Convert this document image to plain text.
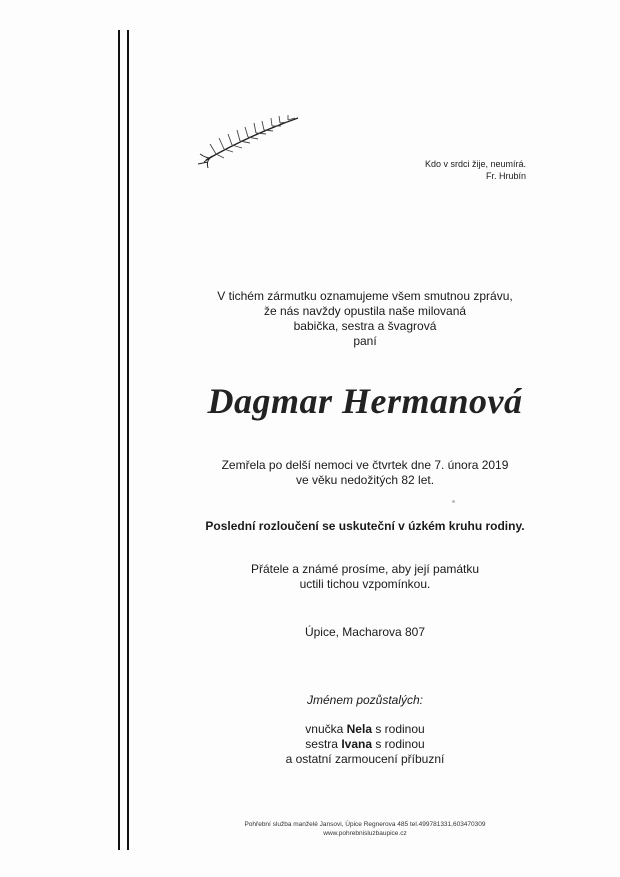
Kdo v srdci žije, neumírá.
Fr. Hrubín
V tichém zármutku oznamujeme všem smutnou zprávu,
že nás navždy opustila naše milovaná
babička, sestra a švagrová
paní
Dagmar Hermanová
Zemřela po delší nemoci ve čtvrtek dne 7. února 2019
ve věku nedožitých 82 let.
Poslední rozloučení se uskuteční v úzkém kruhu rodiny.
Přátele a známé prosíme, aby její památku
uctili tichou vzpomínkou.
Úpice, Macharova 807
Jménem pozůstalých:
vnučka Nela s rodinou
sestra Ivana s rodinou
a ostatní zarmoucení příbuzní
Pohřební služba manželé Jansovi, Úpice Regnerova 485 tel.499781331,603470309
www.pohrebnisluzbaupice.cz
